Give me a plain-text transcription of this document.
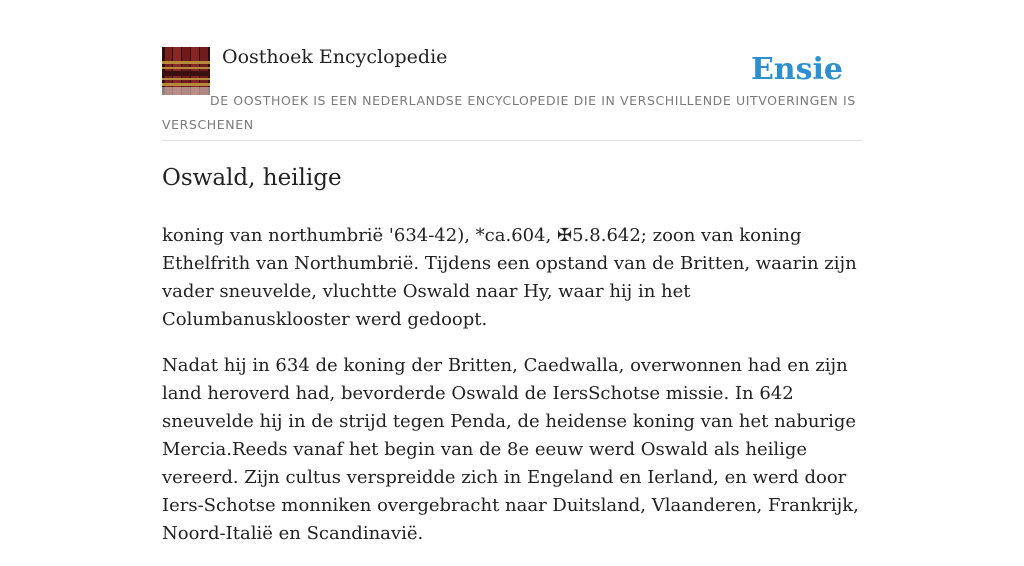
Oosthoek Encyclopedie	Ensie
DE OOSTHOEK IS EEN NEDERLANDSE ENCYCLOPEDIE DIE IN VERSCHILLENDE UITVOERINGEN IS VERSCHENEN
Oswald, heilige

koning van northumbrië '634-42), *ca.604, ✠5.8.642; zoon van koning Ethelfrith van Northumbrië. Tijdens een opstand van de Britten, waarin zijn vader sneuvelde, vluchtte Oswald naar Hy, waar hij in het Columbanusklooster werd gedoopt.

Nadat hij in 634 de koning der Britten, Caedwalla, overwonnen had en zijn land heroverd had, bevorderde Oswald de IersSchotse missie. In 642 sneuvelde hij in de strijd tegen Penda, de heidense koning van het naburige Mercia.Reeds vanaf het begin van de 8e eeuw werd Oswald als heilige vereerd. Zijn cultus verspreidde zich in Engeland en Ierland, en werd door Iers-Schotse monniken overgebracht naar Duitsland, Vlaanderen, Frankrijk, Noord-Italië en Scandinavië.
